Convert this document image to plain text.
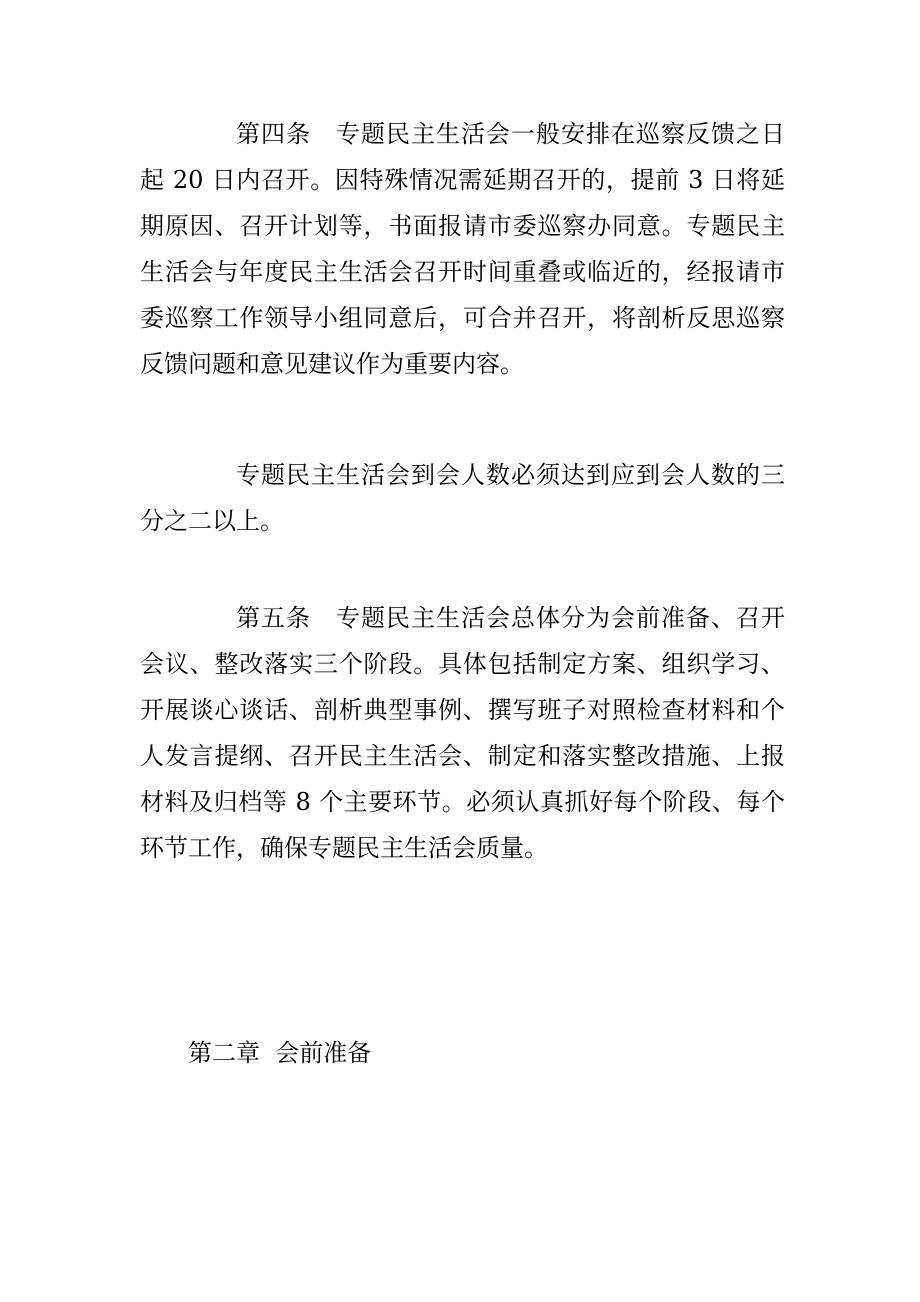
第四条　专题民主生活会一般安排在巡察反馈之日起 20 日内召开。因特殊情况需延期召开的，提前 3 日将延期原因、召开计划等，书面报请市委巡察办同意。专题民主生活会与年度民主生活会召开时间重叠或临近的，经报请市委巡察工作领导小组同意后，可合并召开，将剖析反思巡察反馈问题和意见建议作为重要内容。

专题民主生活会到会人数必须达到应到会人数的三分之二以上。

第五条　专题民主生活会总体分为会前准备、召开会议、整改落实三个阶段。具体包括制定方案、组织学习、开展谈心谈话、剖析典型事例、撰写班子对照检查材料和个人发言提纲、召开民主生活会、制定和落实整改措施、上报材料及归档等 8 个主要环节。必须认真抓好每个阶段、每个环节工作，确保专题民主生活会质量。

第二章  会前准备
